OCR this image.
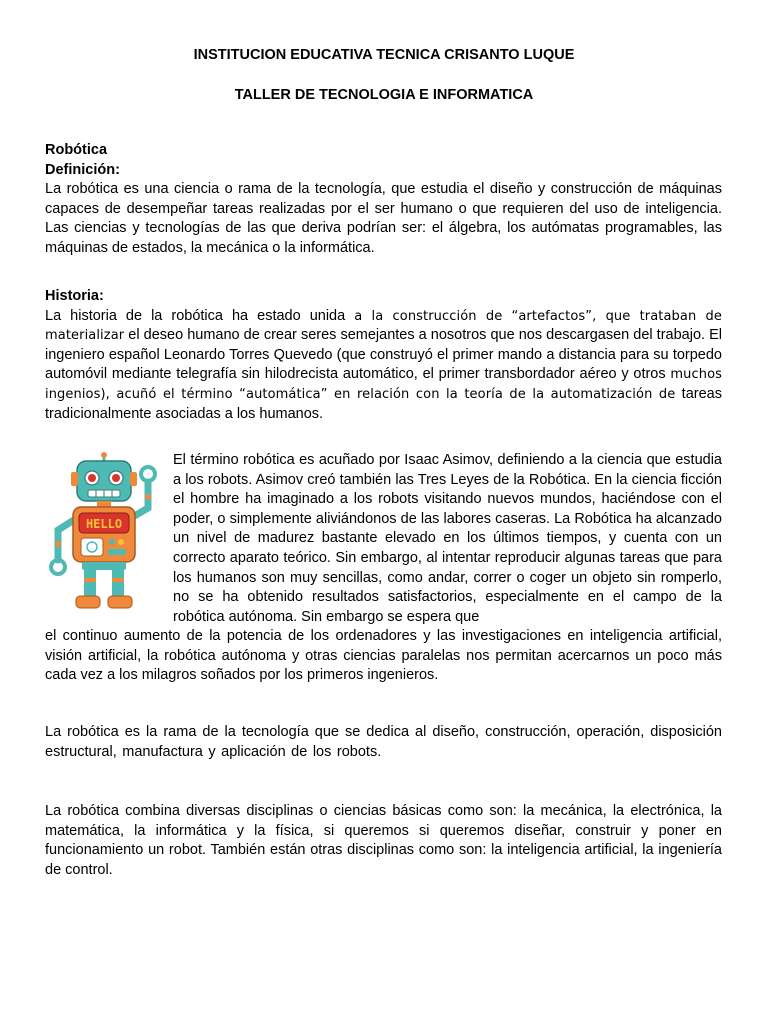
INSTITUCION EDUCATIVA TECNICA CRISANTO LUQUE
TALLER DE TECNOLOGIA E INFORMATICA
Robótica
Definición:
La robótica es una ciencia o rama de la tecnología, que estudia el diseño y construcción de máquinas capaces de desempeñar tareas realizadas por el ser humano o que requieren del uso de inteligencia. Las ciencias y tecnologías de las que deriva podrían ser: el álgebra, los autómatas programables, las máquinas de estados, la mecánica o la informática.
Historia:
La historia de la robótica ha estado unida a la construcción de “artefactos”, que trataban de materializar el deseo humano de crear seres semejantes a nosotros que nos descargasen del trabajo. El ingeniero español Leonardo Torres Quevedo (que construyó el primer mando a distancia para su torpedo automóvil mediante telegrafía sin hilodrecista automático, el primer transbordador aéreo y otros muchos ingenios), acuñó el término “automática” en relación con la teoría de la automatización de tareas tradicionalmente asociadas a los humanos.
HELLO
El término robótica es acuñado por Isaac Asimov, definiendo a la ciencia que estudia a los robots. Asimov creó también las Tres Leyes de la Robótica. En la ciencia ficción el hombre ha imaginado a los robots visitando nuevos mundos, haciéndose con el poder, o simplemente aliviándonos de las labores caseras. La Robótica ha alcanzado un nivel de madurez bastante elevado en los últimos tiempos, y cuenta con un correcto aparato teórico. Sin embargo, al intentar reproducir algunas tareas que para los humanos son muy sencillas, como andar, correr o coger un objeto sin romperlo, no se ha obtenido resultados satisfactorios, especialmente en el campo de la robótica autónoma. Sin embargo se espera que
el continuo aumento de la potencia de los ordenadores y las investigaciones en inteligencia artificial, visión artificial, la robótica autónoma y otras ciencias paralelas nos permitan acercarnos un poco más cada vez a los milagros soñados por los primeros ingenieros.
La robótica es la rama de la tecnología que se dedica al diseño, construcción, operación, disposición estructural, manufactura y aplicación de los robots.
La robótica combina diversas disciplinas o ciencias básicas como son: la mecánica, la electrónica, la matemática, la informática y la física, si queremos si queremos diseñar, construir y poner en funcionamiento un robot. También están otras disciplinas como son: la inteligencia artificial, la ingeniería de control.
